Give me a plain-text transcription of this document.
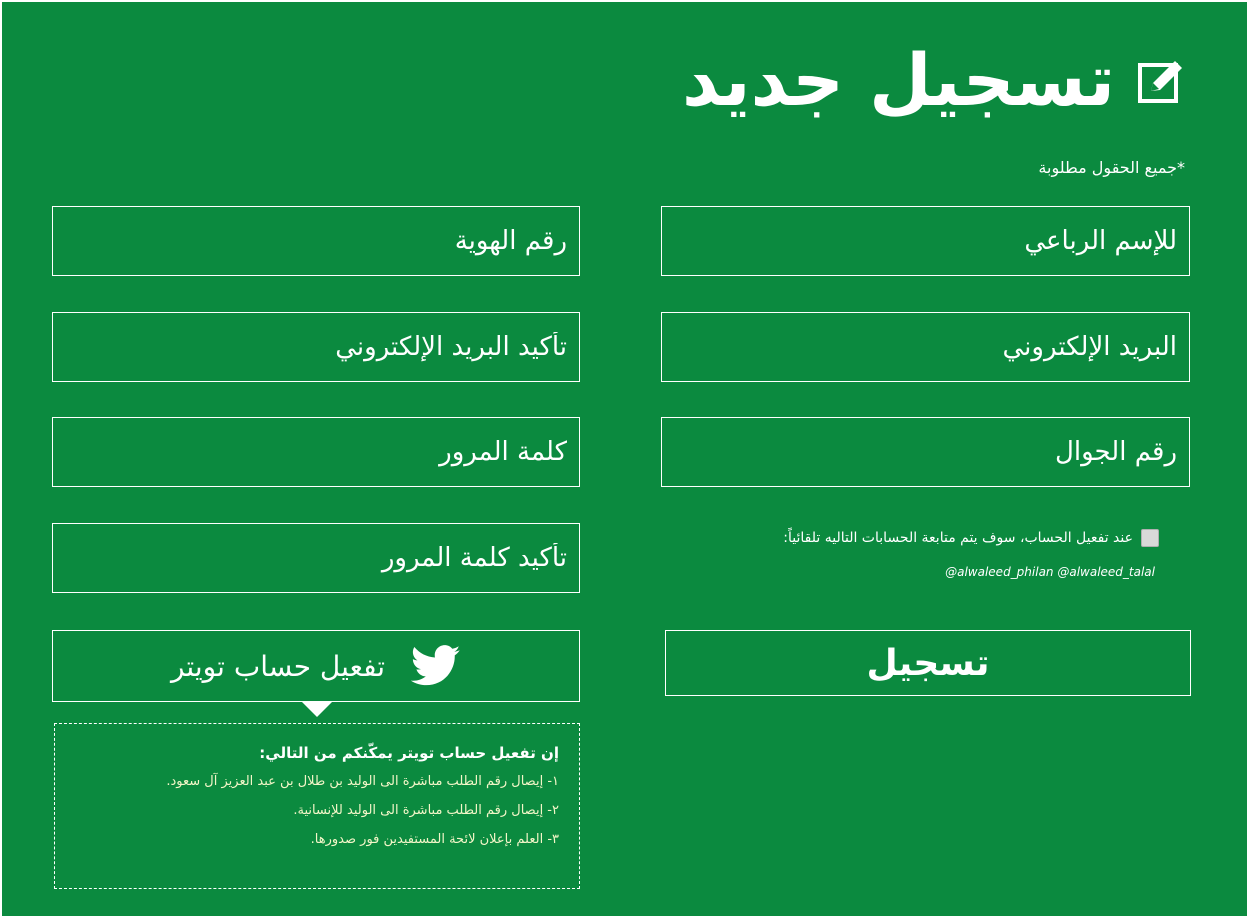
تسجيل جديد
*جميع الحقول مطلوبة
للإسم الرباعي
رقم الهوية
البريد الإلكتروني
تأكيد البريد الإلكتروني
رقم الجوال
عند تفعيل الحساب، سوف يتم متابعة الحسابات التاليه تلقائياً:
@alwaleed_philan @alwaleed_talal
تسجيل
تفعيل حساب تويتر
إن تفعيل حساب تويتر يمكّنكم من التالي:
١- إيصال رقم الطلب مباشرة الى الوليد بن طلال بن عبد العزيز آل سعود.
٢- إيصال رقم الطلب مباشرة الى الوليد للإنسانية.
٣- العلم بإعلان لائحة المستفيدين فور صدورها.
